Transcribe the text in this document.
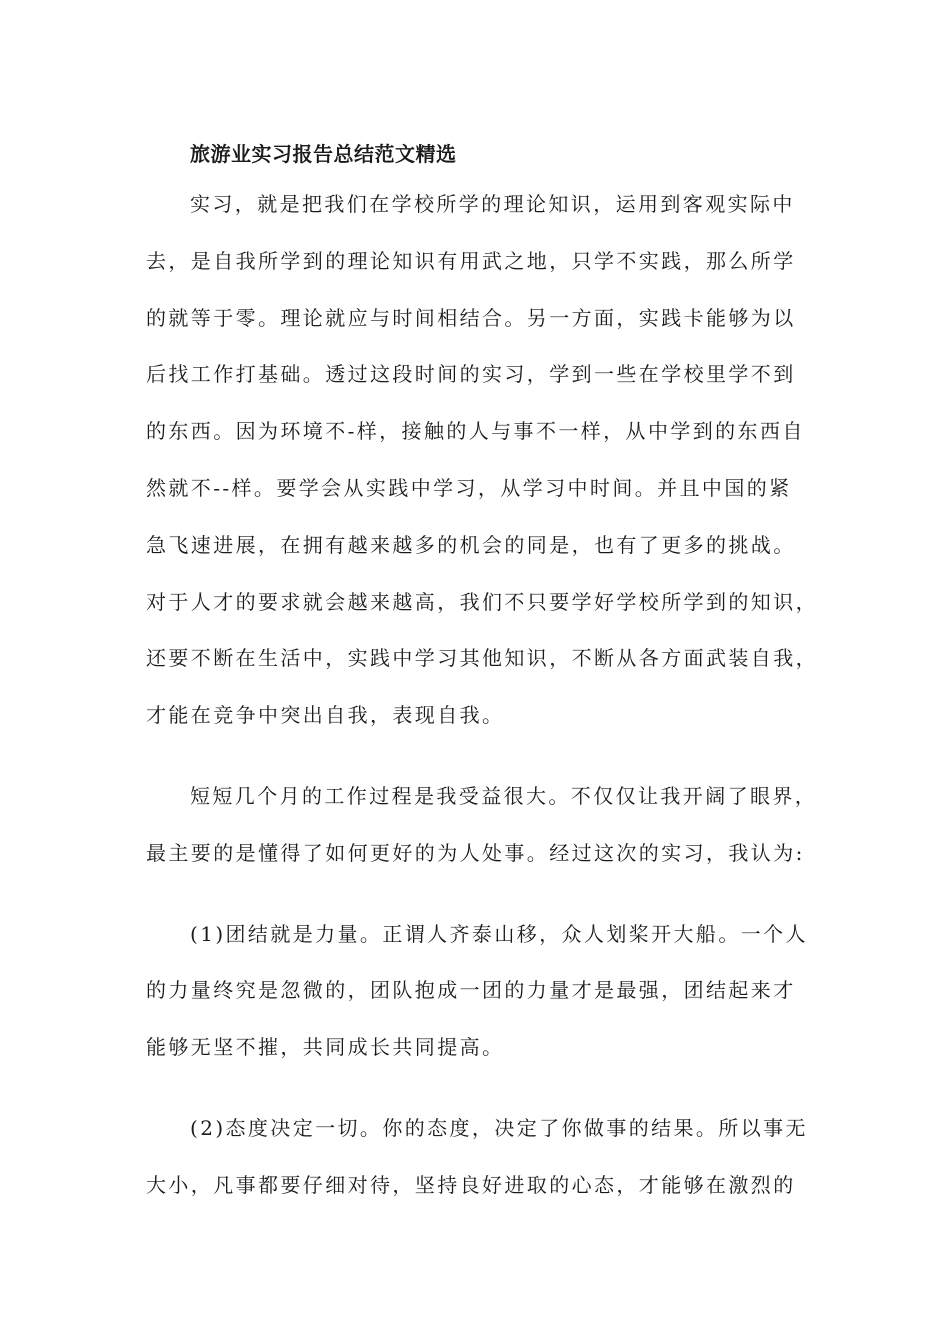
旅游业实习报告总结范文精选
实习，就是把我们在学校所学的理论知识，运用到客观实际中
去，是自我所学到的理论知识有用武之地，只学不实践，那么所学
的就等于零。理论就应与时间相结合。另一方面，实践卡能够为以
后找工作打基础。透过这段时间的实习，学到一些在学校里学不到
的东西。因为环境不-样，接触的人与事不一样，从中学到的东西自
然就不--样。要学会从实践中学习，从学习中时间。并且中国的紧
急飞速进展，在拥有越来越多的机会的同是，也有了更多的挑战。
对于人才的要求就会越来越高，我们不只要学好学校所学到的知识，
还要不断在生活中，实践中学习其他知识，不断从各方面武装自我，
才能在竞争中突出自我，表现自我。
短短几个月的工作过程是我受益很大。不仅仅让我开阔了眼界，
最主要的是懂得了如何更好的为人处事。经过这次的实习，我认为:
(1)团结就是力量。正谓人齐泰山移，众人划桨开大船。一个人
的力量终究是忽微的，团队抱成一团的力量才是最强，团结起来才
能够无坚不摧，共同成长共同提高。
(2)态度决定一切。你的态度，决定了你做事的结果。所以事无
大小，凡事都要仔细对待，坚持良好进取的心态，才能够在激烈的
